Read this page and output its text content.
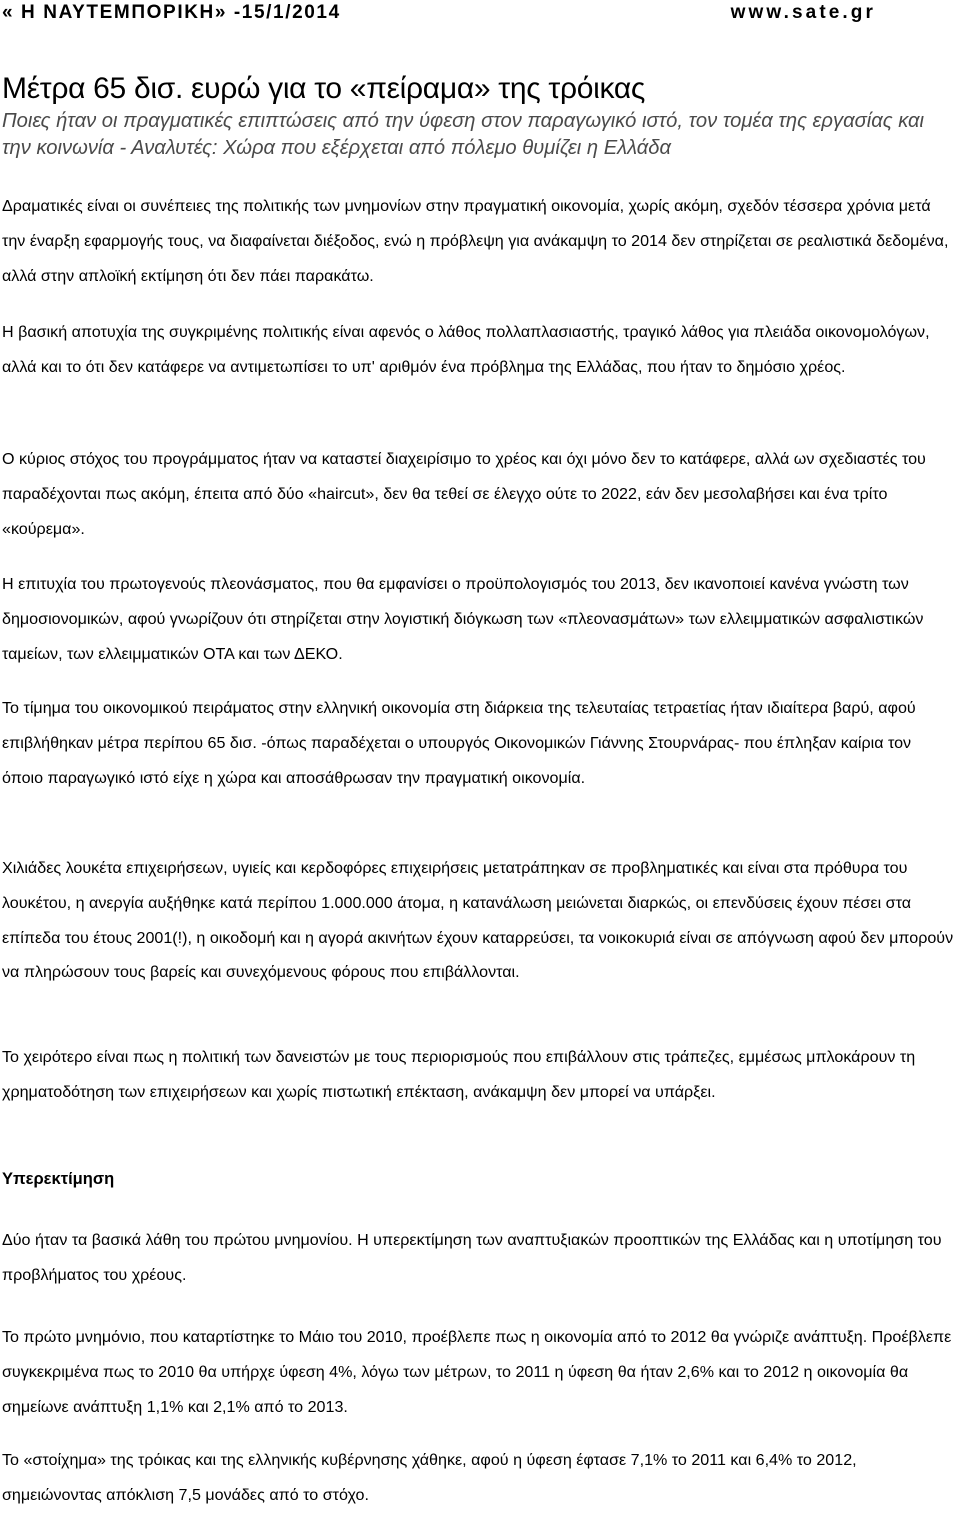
« Η ΝΑΥΤΕΜΠΟΡΙΚΗ» -15/1/2014	www.sate.gr
Μέτρα 65 δισ. ευρώ για το «πείραμα» της τρόικας
Ποιες ήταν οι πραγματικές επιπτώσεις από την ύφεση στον παραγωγικό ιστό, τον τομέα της εργασίας και την κοινωνία - Αναλυτές: Χώρα που εξέρχεται από πόλεμο θυμίζει η Ελλάδα

Δραματικές είναι οι συνέπειες της πολιτικής των μνημονίων στην πραγματική οικονομία, χωρίς ακόμη, σχεδόν τέσσερα χρόνια μετά την έναρξη εφαρμογής τους, να διαφαίνεται διέξοδος, ενώ η πρόβλεψη για ανάκαμψη το 2014 δεν στηρίζεται σε ρεαλιστικά δεδομένα, αλλά στην απλοϊκή εκτίμηση ότι δεν πάει παρακάτω.

Η βασική αποτυχία της συγκριμένης πολιτικής είναι αφενός ο λάθος πολλαπλασιαστής, τραγικό λάθος για πλειάδα οικονομολόγων, αλλά και το ότι δεν κατάφερε να αντιμετωπίσει το υπ' αριθμόν ένα πρόβλημα της Ελλάδας, που ήταν το δημόσιο χρέος.

Ο κύριος στόχος του προγράμματος ήταν να καταστεί διαχειρίσιμο το χρέος και όχι μόνο δεν το κατάφερε, αλλά ων σχεδιαστές του παραδέχονται πως ακόμη, έπειτα από δύο «haircut», δεν θα τεθεί σε έλεγχο ούτε το 2022, εάν δεν μεσολαβήσει και ένα τρίτο «κούρεμα».

Η επιτυχία του πρωτογενούς πλεονάσματος, που θα εμφανίσει ο προϋπολογισμός του 2013, δεν ικανοποιεί κανένα γνώστη των δημοσιονομικών, αφού γνωρίζουν ότι στηρίζεται στην λογιστική διόγκωση των «πλεονασμάτων» των ελλειμματικών ασφαλιστικών ταμείων, των ελλειμματικών ΟΤΑ και των ΔΕΚΟ.

Το τίμημα του οικονομικού πειράματος στην ελληνική οικονομία στη διάρκεια της τελευταίας τετραετίας ήταν ιδιαίτερα βαρύ, αφού επιβλήθηκαν μέτρα περίπου 65 δισ. -όπως παραδέχεται ο υπουργός Οικονομικών Γιάννης Στουρνάρας- που έπληξαν καίρια τον όποιο παραγωγικό ιστό είχε η χώρα και αποσάθρωσαν την πραγματική οικονομία.

Χιλιάδες λουκέτα επιχειρήσεων, υγιείς και κερδοφόρες επιχειρήσεις μετατράπηκαν σε προβληματικές και είναι στα πρόθυρα του λουκέτου, η ανεργία αυξήθηκε κατά περίπου 1.000.000 άτομα, η κατανάλωση μειώνεται διαρκώς, οι επενδύσεις έχουν πέσει στα επίπεδα του έτους 2001(!), η οικοδομή και η αγορά ακινήτων έχουν καταρρεύσει, τα νοικοκυριά είναι σε απόγνωση αφού δεν μπορούν να πληρώσουν τους βαρείς και συνεχόμενους φόρους που επιβάλλονται.

Το χειρότερο είναι πως η πολιτική των δανειστών με τους περιορισμούς που επιβάλλουν στις τράπεζες, εμμέσως μπλοκάρουν τη χρηματοδότηση των επιχειρήσεων και χωρίς πιστωτική επέκταση, ανάκαμψη δεν μπορεί να υπάρξει.

Υπερεκτίμηση

Δύο ήταν τα βασικά λάθη του πρώτου μνημονίου. Η υπερεκτίμηση των αναπτυξιακών προοπτικών της Ελλάδας και η υποτίμηση του προβλήματος του χρέους.

Το πρώτο μνημόνιο, που καταρτίστηκε το Μάιο του 2010, προέβλεπε πως η οικονομία από το 2012 θα γνώριζε ανάπτυξη. Προέβλεπε συγκεκριμένα πως το 2010 θα υπήρχε ύφεση 4%, λόγω των μέτρων, το 2011 η ύφεση θα ήταν 2,6% και το 2012 η οικονομία θα σημείωνε ανάπτυξη 1,1% και 2,1% από το 2013.

Το «στοίχημα» της τρόικας και της ελληνικής κυβέρνησης χάθηκε, αφού η ύφεση έφτασε 7,1% το 2011 και 6,4% το 2012, σημειώνοντας απόκλιση 7,5 μονάδες από το στόχο.
